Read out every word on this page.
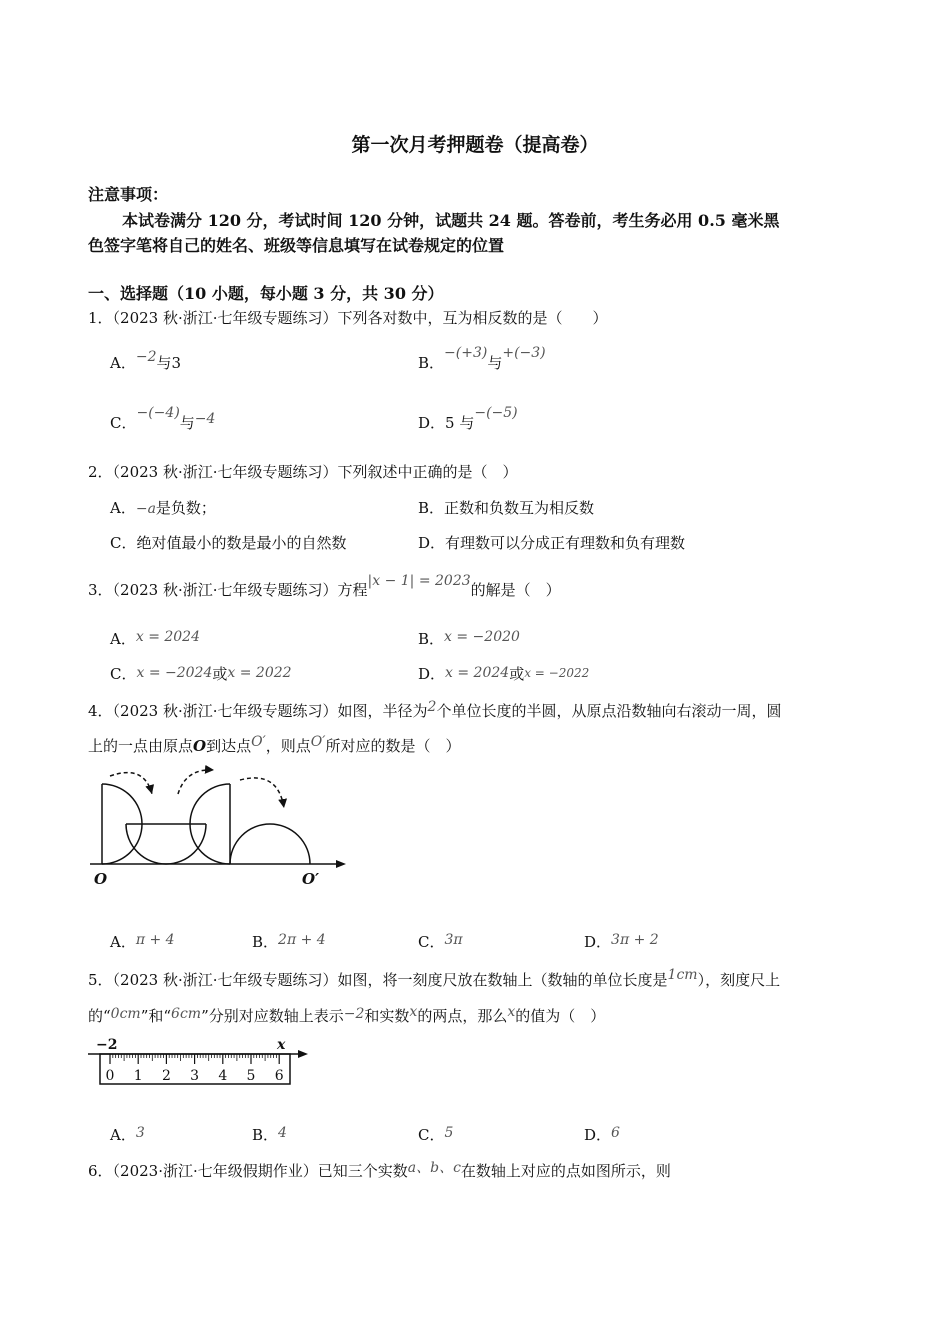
第一次月考押题卷（提高卷）
注意事项：
本试卷满分 120 分，考试时间 120 分钟，试题共 24 题。答卷前，考生务必用 0.5 毫米黑
色签字笔将自己的姓名、班级等信息填写在试卷规定的位置
一、选择题（10 小题，每小题 3 分，共 30 分）
1．（2023 秋·浙江·七年级专题练习）下列各对数中，互为相反数的是（　　）
A．−2与3	B．−(+3)与+(−3)
C．−(−4)与−4	D．5 与−(−5)
2．（2023 秋·浙江·七年级专题练习）下列叙述中正确的是（　）
A．−a是负数；	B．正数和负数互为相反数
C．绝对值最小的数是最小的自然数	D．有理数可以分成正有理数和负有理数
3．（2023 秋·浙江·七年级专题练习）方程|x − 1| = 2023的解是（　）
A．x = 2024	B．x = −2020
C．x = −2024或x = 2022	D．x = 2024或x = −2022
4．（2023 秋·浙江·七年级专题练习）如图，半径为2个单位长度的半圆，从原点沿数轴向右滚动一周，圆
上的一点由原点O到达点O′，则点O′所对应的数是（　）
O	O′
A．π + 4	B．2π + 4	C．3π	D．3π + 2
5．（2023 秋·浙江·七年级专题练习）如图，将一刻度尺放在数轴上（数轴的单位长度是1cm），刻度尺上
的“0cm”和“6cm”分别对应数轴上表示−2和实数x的两点，那么x的值为（　）
−2	x
0 1 2 3 4 5 6
A．3	B．4	C．5	D．6
6．（2023·浙江·七年级假期作业）已知三个实数a、b、c在数轴上对应的点如图所示，则
